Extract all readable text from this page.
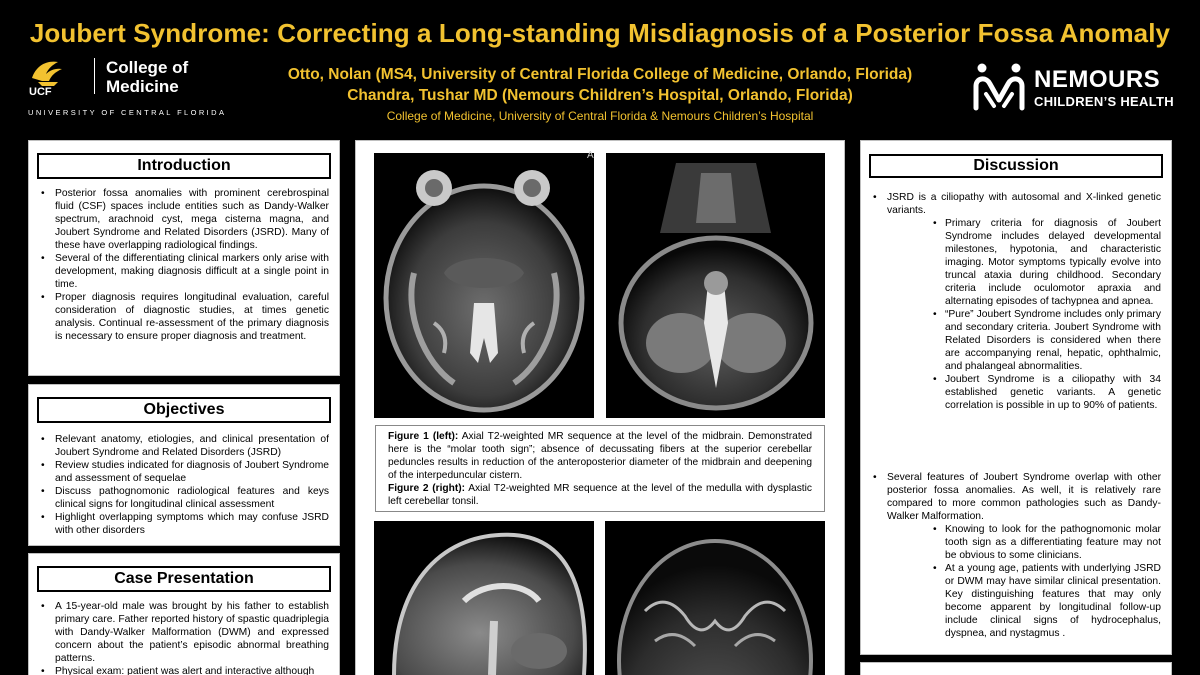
Joubert Syndrome: Correcting a Long-standing Misdiagnosis of a Posterior Fossa Anomaly
UCF
College of
Medicine
UNIVERSITY OF CENTRAL FLORIDA
Otto, Nolan (MS4, University of Central Florida College of Medicine, Orlando, Florida)
Chandra, Tushar MD (Nemours Children’s Hospital, Orlando, Florida)
College of Medicine, University of Central Florida & Nemours Children’s Hospital
NEMOURS
CHILDREN’S HEALTH
Introduction
• Posterior fossa anomalies with prominent cerebrospinal fluid (CSF) spaces include entities such as Dandy-Walker spectrum, arachnoid cyst, mega cisterna magna, and Joubert Syndrome and Related Disorders (JSRD). Many of these have overlapping radiological findings.
• Several of the differentiating clinical markers only arise with development, making diagnosis difficult at a single point in time.
• Proper diagnosis requires longitudinal evaluation, careful consideration of diagnostic studies, at times genetic analysis. Continual re-assessment of the primary diagnosis is necessary to ensure proper diagnosis and treatment.
Objectives
• Relevant anatomy, etiologies, and clinical presentation of Joubert Syndrome and Related Disorders (JSRD)
• Review studies indicated for diagnosis of Joubert Syndrome and assessment of sequelae
• Discuss pathognomonic radiological features and keys clinical signs for longitudinal clinical assessment
• Highlight overlapping symptoms which may confuse JSRD with other disorders
Case Presentation
• A 15-year-old male was brought by his father to establish primary care. Father reported history of spastic quadriplegia with Dandy-Walker Malformation (DWM) and expressed concern about the patient’s episodic abnormal breathing patterns.
• Physical exam: patient was alert and interactive although
A
Figure 1 (left): Axial T2-weighted MR sequence at the level of the midbrain. Demonstrated here is the “molar tooth sign”; absence of decussating fibers at the superior cerebellar peduncles results in reduction of the anteroposterior diameter of the midbrain and deepening of the interpeduncular cistern.
Figure 2 (right): Axial T2-weighted MR sequence at the level of the medulla with dysplastic left cerebellar tonsil.
Discussion
• JSRD is a ciliopathy with autosomal and X-linked genetic variants.
• Primary criteria for diagnosis of Joubert Syndrome includes delayed developmental milestones, hypotonia, and characteristic imaging. Motor symptoms typically evolve into truncal ataxia during childhood. Secondary criteria include oculomotor apraxia and alternating episodes of tachypnea and apnea.
• “Pure” Joubert Syndrome includes only primary and secondary criteria. Joubert Syndrome with Related Disorders is considered when there are accompanying renal, hepatic, ophthalmic, and phalangeal abnormalities.
• Joubert Syndrome is a ciliopathy with 34 established genetic variants. A genetic correlation is possible in up to 90% of patients.
• Several features of Joubert Syndrome overlap with other posterior fossa anomalies. As well, it is relatively rare compared to more common pathologies such as Dandy-Walker Malformation.
• Knowing to look for the pathognomonic molar tooth sign as a differentiating feature may not be obvious to some clinicians.
• At a young age, patients with underlying JSRD or DWM may have similar clinical presentation. Key distinguishing features that may only become apparent by longitudinal follow-up include clinical signs of hydrocephalus, dyspnea, and nystagmus .
